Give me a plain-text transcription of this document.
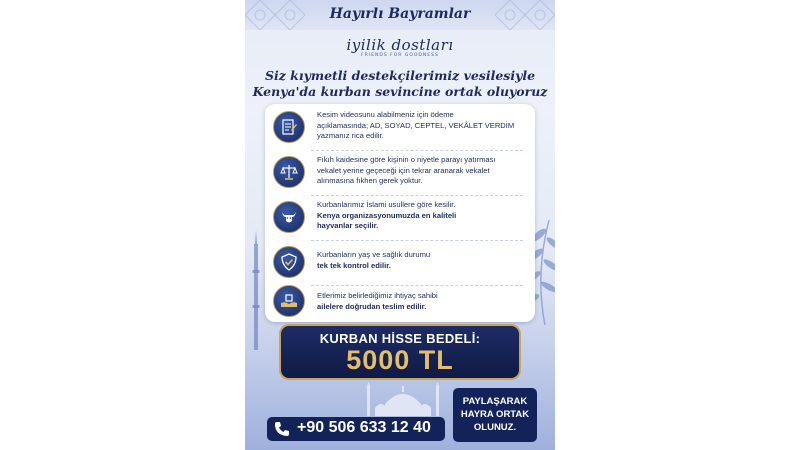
Hayırlı Bayramlar
iyilik dostları
FRIENDS FOR GOODNESS
Siz kıymetli destekçilerimiz vesilesiyle
Kenya'da kurban sevincine ortak oluyoruz
Kesim videosunu alabilmeniz için ödeme
açıklamasında; AD, SOYAD, CEPTEL, VEKÂLET VERDİM
yazmanız rica edilir.
Fıkıh kaidesine göre kişinin o niyetle parayı yatırması
vekalet yerine geçeceği için tekrar aranarak vekalet
alınmasına fıkhen gerek yoktur.
Kurbanlarımız İslami usullere göre kesilir.
Kenya organizasyonumuzda en kaliteli
hayvanlar seçilir.
Kurbanların yaş ve sağlık durumu
tek tek kontrol edilir.
Etlerimiz belirlediğimiz ihtiyaç sahibi
ailelere doğrudan teslim edilir.
KURBAN HİSSE BEDELİ:
5000 TL
+90 506 633 12 40
PAYLAŞARAK
HAYRA ORTAK
OLUNUZ.
